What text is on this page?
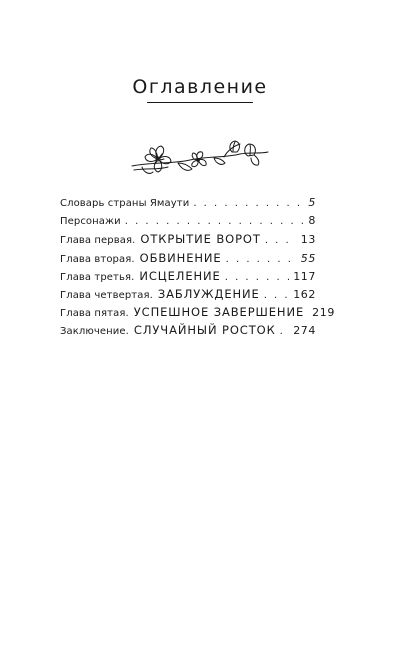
Оглавление
Словарь страны Ямаути . . .	5
Персонажи . . .	8
Глава первая. ОТКРЫТИЕ ВОРОТ . . .	13
Глава вторая. ОБВИНЕНИЕ . . .	55
Глава третья. ИСЦЕЛЕНИЕ . . .	117
Глава четвертая. ЗАБЛУЖДЕНИЕ . . .	162
Глава пятая. УСПЕШНОЕ ЗАВЕРШЕНИЕ 219
Заключение. СЛУЧАЙНЫЙ РОСТОК . . . 274
